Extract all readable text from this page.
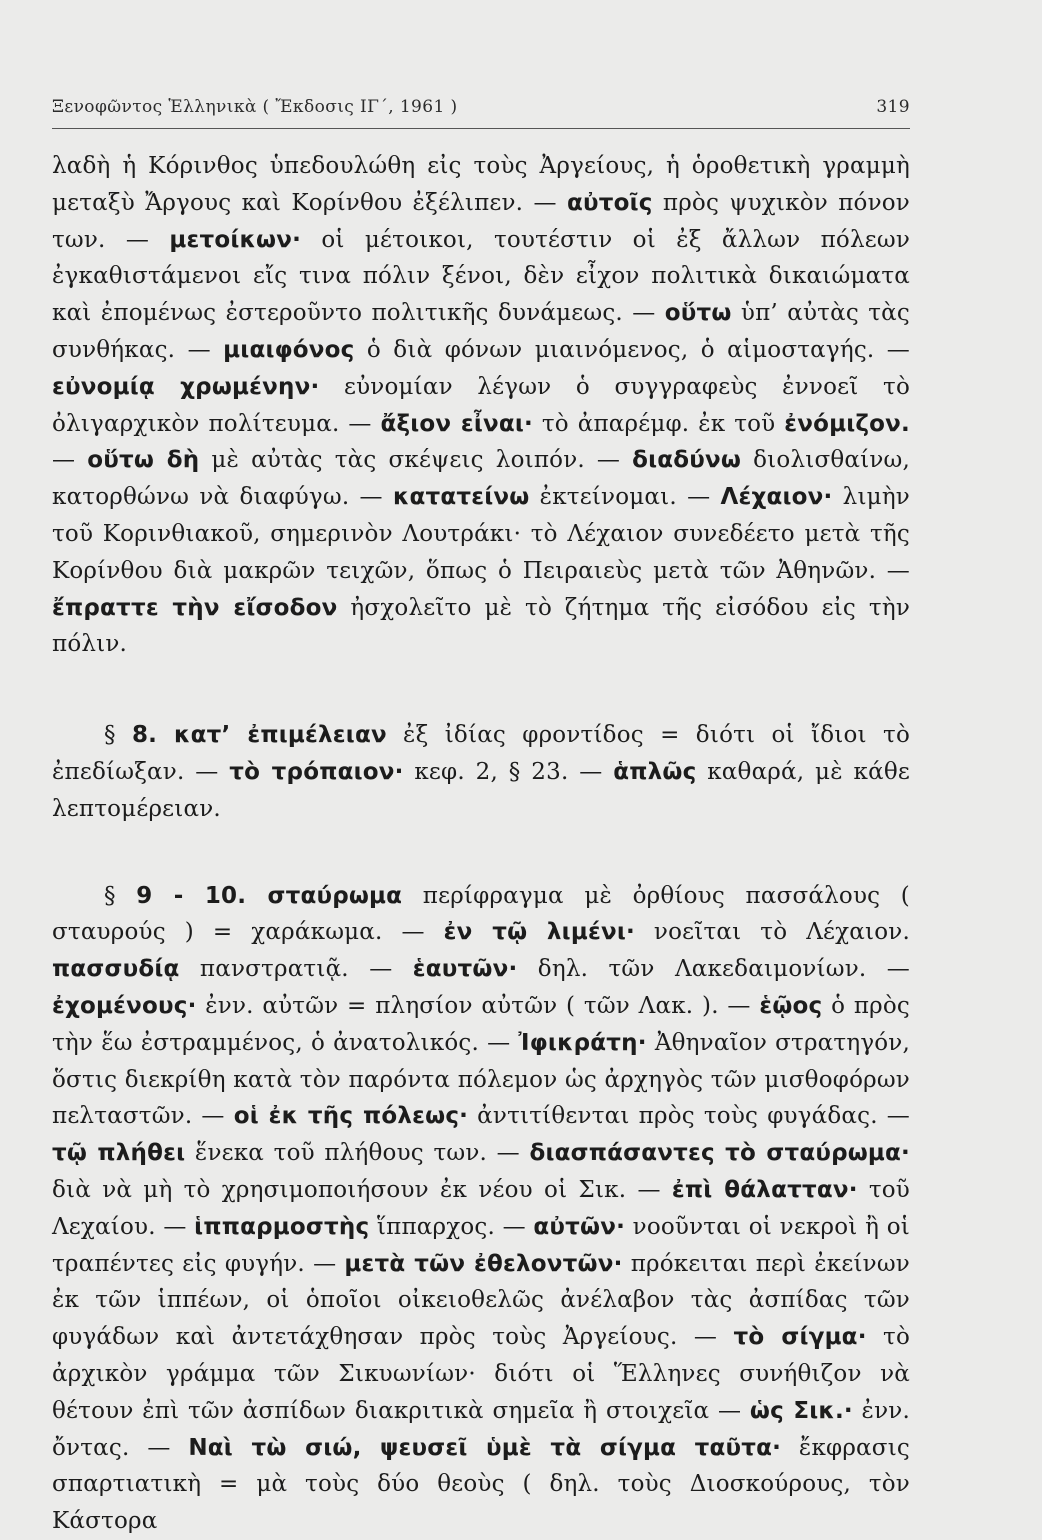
Ξενοφῶντος Ἑλληνικὰ ( Ἔκδοσις ΙΓ΄, 1961 )	319

λαδὴ ἡ Κόρινθος ὑπεδουλώθη εἰς τοὺς Ἀργείους, ἡ ὁροθετικὴ γραμμὴ μεταξὺ Ἄργους καὶ Κορίνθου ἐξέλιπεν. — αὐτοῖς πρὸς ψυχικὸν πόνον των. — μετοίκων· οἱ μέτοικοι, τουτέστιν οἱ ἐξ ἄλλων πόλεων ἐγκαθιστάμενοι εἴς τινα πόλιν ξένοι, δὲν εἶχον πολιτικὰ δικαιώματα καὶ ἐπομένως ἐστεροῦντο πολιτικῆς δυνάμεως. — οὕτω ὑπ’ αὐτὰς τὰς συνθήκας. — μιαιφόνος ὁ διὰ φόνων μιαινόμενος, ὁ αἱμοσταγής. — εὐνομίᾳ χρωμένην· εὐνομίαν λέγων ὁ συγγραφεὺς ἐννοεῖ τὸ ὀλιγαρχικὸν πολίτευμα. — ἄξιον εἶναι· τὸ ἀπαρέμφ. ἐκ τοῦ ἐνόμιζον. — οὕτω δὴ μὲ αὐτὰς τὰς σκέψεις λοιπόν. — διαδύνω διολισθαίνω, κατορθώνω νὰ διαφύγω. — κατατείνω ἐκτείνομαι. — Λέχαιον· λιμὴν τοῦ Κορινθιακοῦ, σημερινὸν Λουτράκι· τὸ Λέχαιον συνεδέετο μετὰ τῆς Κορίνθου διὰ μακρῶν τειχῶν, ὅπως ὁ Πειραιεὺς μετὰ τῶν Ἀθηνῶν. — ἔπραττε τὴν εἴσοδον ἠσχολεῖτο μὲ τὸ ζήτημα τῆς εἰσόδου εἰς τὴν πόλιν.

§ 8. κατ’ ἐπιμέλειαν ἐξ ἰδίας φροντίδος = διότι οἱ ἴδιοι τὸ ἐπεδίωξαν. — τὸ τρόπαιον· κεφ. 2, § 23. — ἁπλῶς καθαρά, μὲ κάθε λεπτομέρειαν.

§ 9 - 10. σταύρωμα περίφραγμα μὲ ὀρθίους πασσάλους ( σταυρούς ) = χαράκωμα. — ἐν τῷ λιμένι· νοεῖται τὸ Λέχαιον. πασσυδίᾳ πανστρατιᾷ. — ἑαυτῶν· δηλ. τῶν Λακεδαιμονίων. — ἐχομένους· ἐνν. αὐτῶν = πλησίον αὐτῶν ( τῶν Λακ. ). — ἑῷος ὁ πρὸς τὴν ἕω ἐστραμμένος, ὁ ἀνατολικός. — Ἰφικράτη· Ἀθηναῖον στρατηγόν, ὅστις διεκρίθη κατὰ τὸν παρόντα πόλεμον ὡς ἀρχηγὸς τῶν μισθοφόρων πελταστῶν. — οἱ ἐκ τῆς πόλεως· ἀντιτίθενται πρὸς τοὺς φυγάδας. — τῷ πλήθει ἕνεκα τοῦ πλήθους των. — διασπάσαντες τὸ σταύρωμα· διὰ νὰ μὴ τὸ χρησιμοποιήσουν ἐκ νέου οἱ Σικ. — ἐπὶ θάλατταν· τοῦ Λεχαίου. — ἱππαρμοστὴς ἵππαρχος. — αὐτῶν· νοοῦνται οἱ νεκροὶ ἢ οἱ τραπέντες εἰς φυγήν. — μετὰ τῶν ἐθελοντῶν· πρόκειται περὶ ἐκείνων ἐκ τῶν ἱππέων, οἱ ὁποῖοι οἰκειοθελῶς ἀνέλαβον τὰς ἀσπίδας τῶν φυγάδων καὶ ἀντετάχθησαν πρὸς τοὺς Ἀργείους. — τὸ σίγμα· τὸ ἀρχικὸν γράμμα τῶν Σικυωνίων· διότι οἱ Ἕλληνες συνήθιζον νὰ θέτουν ἐπὶ τῶν ἀσπίδων διακριτικὰ σημεῖα ἢ στοιχεῖα — ὡς Σικ.· ἐνν. ὄντας. — Ναὶ τὼ σιώ, ψευσεῖ ὑμὲ τὰ σίγμα ταῦτα· ἔκφρασις σπαρτιατικὴ = μὰ τοὺς δύο θεοὺς ( δηλ. τοὺς Διοσκούρους, τὸν Κάστορα
